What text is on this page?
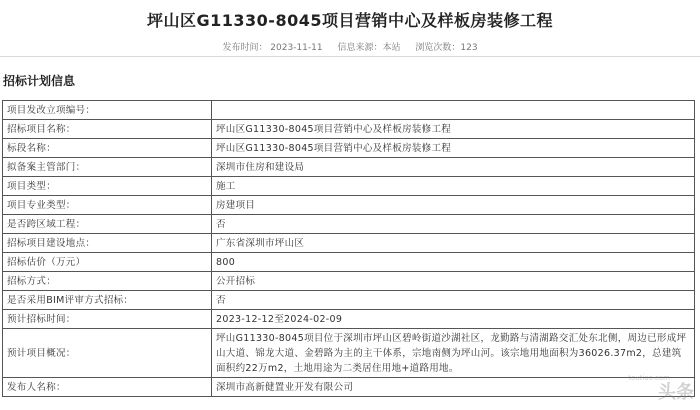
坪山区G11330-8045项目营销中心及样板房装修工程
发布时间： 2023-11-11 信息来源：本站 浏览次数：123
招标计划信息
项目发改立项编号：	
招标项目名称：	坪山区G11330-8045项目营销中心及样板房装修工程
标段名称：	坪山区G11330-8045项目营销中心及样板房装修工程
拟备案主管部门：	深圳市住房和建设局
项目类型：	施工
项目专业类型：	房建项目
是否跨区域工程：	否
招标项目建设地点：	广东省深圳市坪山区
招标估价（万元）	800
招标方式：	公开招标
是否采用BIM评审方式招标：	否
预计招标时间：	2023-12-12至2024-02-09
预计项目概况：	坪山G11330-8045项目位于深圳市坪山区碧岭街道沙湖社区，龙勤路与清湖路交汇处东北侧，周边已形成坪山大道、锦龙大道、金碧路为主的主干体系，宗地南侧为坪山河。该宗地用地面积为36026.37m2，总建筑面积约22万m2，土地用途为二类居住用地+道路用地。
发布人名称：	深圳市高新健置业开发有限公司
toutiao.com
头条
